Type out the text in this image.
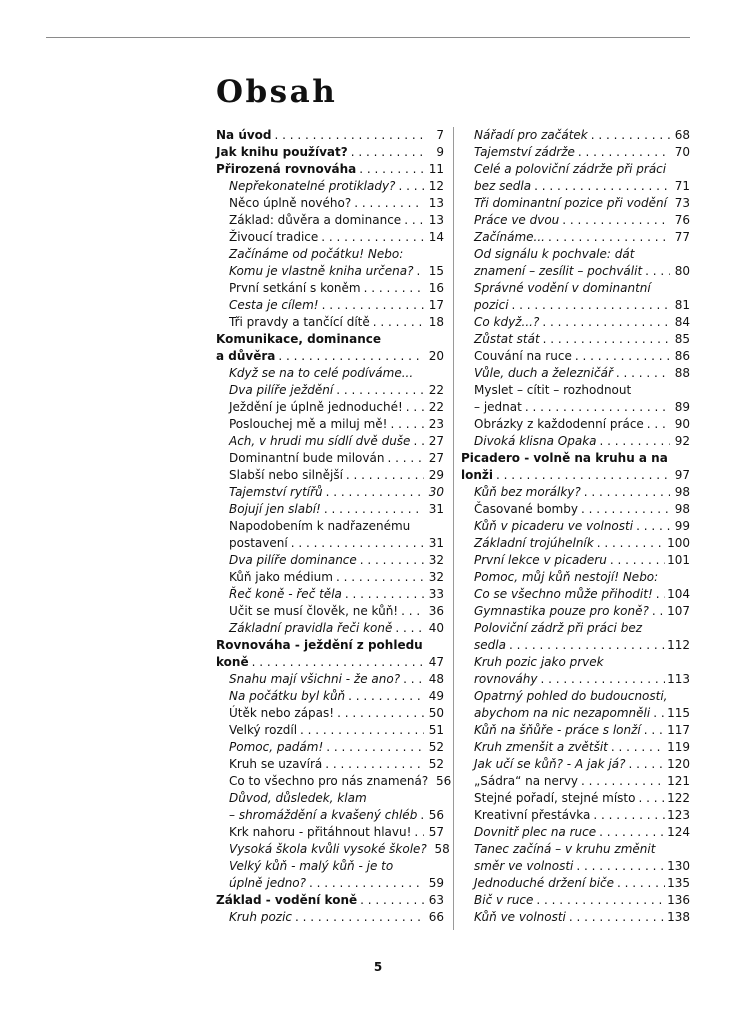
Obsah
Na úvod . . .	7
Jak knihu používat? . . .	9
Přirozená rovnováha . . .	11
Nepřekonatelné protiklady? . . .	12
Něco úplně nového? . . .	13
Základ: důvěra a dominance . . .	13
Živoucí tradice . . .	14
Začínáme od počátku! Nebo:
Komu je vlastně kniha určena? . . .	15
První setkání s koněm . . .	16
Cesta je cílem! . . .	17
Tři pravdy a tančící dítě . . .	18
Komunikace, dominance
a důvěra . . .	20
Když se na to celé podíváme...
Dva pilíře ježdění . . .	22
Ježdění je úplně jednoduché! . . .	22
Poslouchej mě a miluj mě! . . .	23
Ach, v hrudi mu sídlí dvě duše . . .	27
Dominantní bude milován . . .	27
Slabší nebo silnější . . .	29
Tajemství rytířů . . .	30
Bojují jen slabí! . . .	31
Napodobením k nadřazenému
postavení . . .	31
Dva pilíře dominance . . .	32
Kůň jako médium . . .	32
Řeč koně - řeč těla . . .	33
Učit se musí člověk, ne kůň! . . .	36
Základní pravidla řeči koně . . .	40
Rovnováha - ježdění z pohledu
koně . . .	47
Snahu mají všichni - že ano? . . .	48
Na počátku byl kůň . . .	49
Útěk nebo zápas! . . .	50
Velký rozdíl . . .	51
Pomoc, padám! . . .	52
Kruh se uzavírá . . .	52
Co to všechno pro nás znamená? 56
Důvod, důsledek, klam
– shromáždění a kvašený chléb . . . 56
Krk nahoru - přitáhnout hlavu! . . .	57
Vysoká škola kvůli vysoké škole? 58
Velký kůň - malý kůň - je to
úplně jedno? . . .	59
Základ - vodění koně . . .	63
Kruh pozic . . .	66
Nářadí pro začátek . . .	68
Tajemství zádrže . . .	70
Celé a poloviční zádrže při práci
bez sedla . . .	71
Tři dominantní pozice při vodění 73
Práce ve dvou . . .	76
Začínáme... . . .	77
Od signálu k pochvale: dát
znamení – zesílit – pochválit . . .	80
Správné vodění v dominantní
pozici . . .	81
Co když...? . . .	84
Zůstat stát . . .	85
Couvání na ruce . . .	86
Vůle, duch a železničář . . .	88
Myslet – cítit – rozhodnout
– jednat . . .	89
Obrázky z každodenní práce . . .	90
Divoká klisna Opaka . . .	92
Picadero - volně na kruhu a na
lonži . . .	97
Kůň bez morálky? . . .	98
Časované bomby . . .	98
Kůň v picaderu ve volnosti . . .	99
Základní trojúhelník . . .	100
První lekce v picaderu . . .	101
Pomoc, můj kůň nestojí! Nebo:
Co se všechno může přihodit! . . . 104
Gymnastika pouze pro koně? . . . 107
Poloviční zádrž při práci bez
sedla . . .	112
Kruh pozic jako prvek
rovnováhy . . .	113
Opatrný pohled do budoucnosti,
abychom na nic nezapomněli . . . 115
Kůň na šňůře - práce s lonží . . . 117
Kruh zmenšit a zvětšit . . .	119
Jak učí se kůň? - A jak já? . . .	120
„Sádra“ na nervy . . .	121
Stejné pořadí, stejné místo . . .	122
Kreativní přestávka . . .	123
Dovnitř plec na ruce . . .	124
Tanec začíná – v kruhu změnit
směr ve volnosti . . .	130
Jednoduché držení biče . . .	135
Bič v ruce . . .	136
Kůň ve volnosti . . .	138
5
